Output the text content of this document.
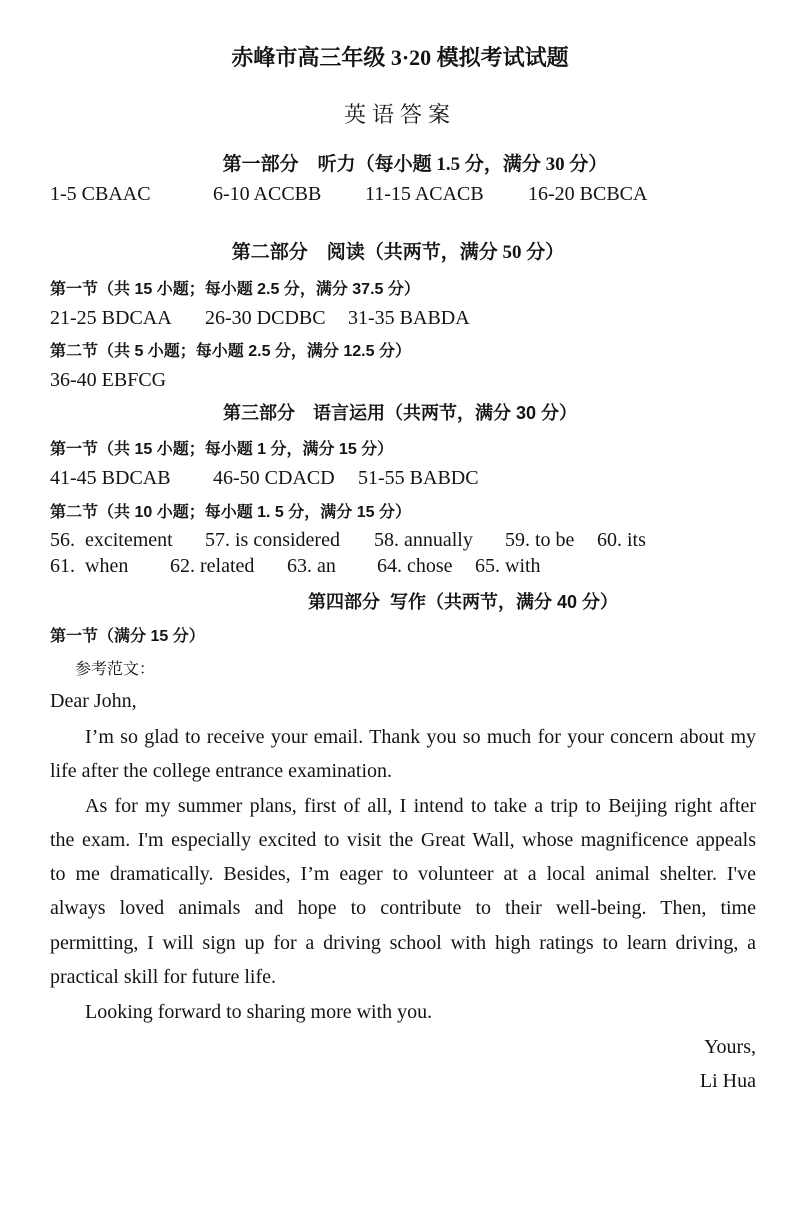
赤峰市高三年级 3·20 模拟考试试题
英语答案
第一部分　听力（每小题 1.5 分，满分 30 分）
1-5 CBAAC	6-10 ACCBB 11-15 ACACB 16-20 BCBCA
第二部分　阅读（共两节，满分 50 分）
第一节（共 15 小题；每小题 2.5 分，满分 37.5 分）
21-25 BDCAA 26-30 DCDBC 31-35 BABDA
第二节（共 5 小题；每小题 2.5 分，满分 12.5 分）
36-40 EBFCG
第三部分　语言运用（共两节，满分 30 分）
第一节（共 15 小题；每小题 1 分，满分 15 分）
41-45 BDCAB 46-50 CDACD 51-55 BABDC
第二节（共 10 小题；每小题 1. 5 分，满分 15 分）
56.  excitement 57. is considered 58. annually 59. to be 60. its
61.  when 62. related 63. an 64. chose 65. with
第四部分  写作（共两节，满分 40 分）
第一节（满分 15 分）
参考范文：
Dear John,
I’m so glad to receive your email. Thank you so much for your concern about my
life after the college entrance examination.
As for my summer plans, first of all, I intend to take a trip to Beijing right after
the exam. I'm especially excited to visit the Great Wall, whose magnificence appeals
to me dramatically. Besides, I’m eager to volunteer at a local animal shelter. I've
always loved animals and hope to contribute to their well-being. Then, time
permitting, I will sign up for a driving school with high ratings to learn driving, a
practical skill for future life.
Looking forward to sharing more with you.
Yours,
Li Hua
